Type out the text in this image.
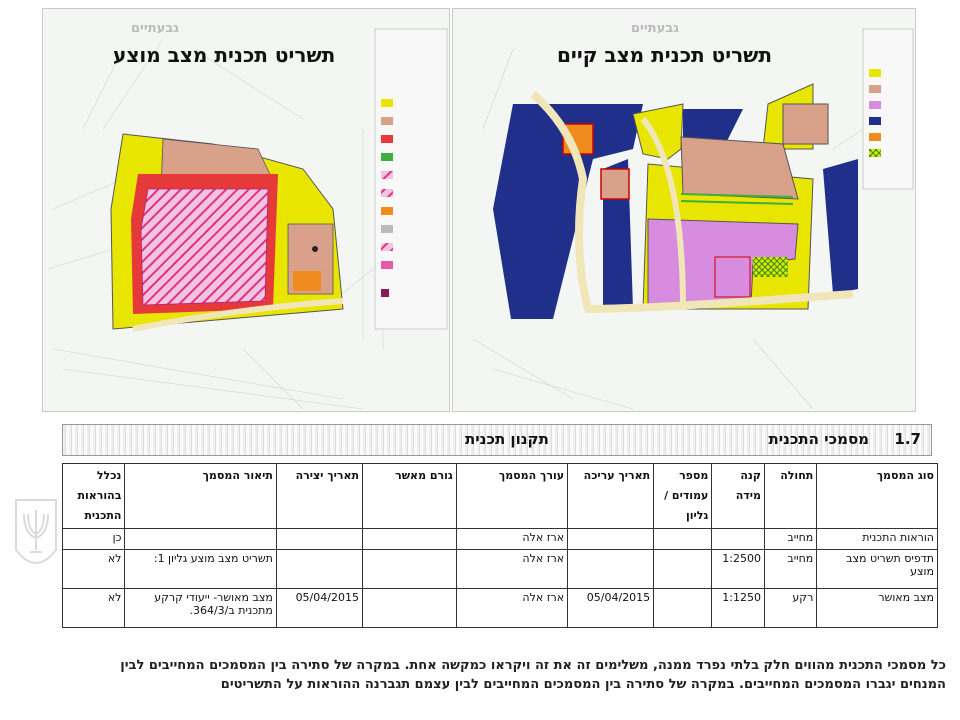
גבעתיים
תשריט תכנית מצב מוצע
גבעתיים
תשריט תכנית מצב קיים
1.7
מסמכי התכנית
תקנון תכנית
סוג המסמך	תחולה	קנה מידה	מספר עמודים / גליון	תאריך עריכה	עורך המסמך	גורם מאשר	תאריך יצירה	תיאור המסמך	נכלל בהוראות התכנית
הוראות התכנית	מחייב				ארז אלה				כן
תדפיס תשריט מצב מוצע	מחייב	1:2500			ארז אלה			תשריט מצב מוצע גליון 1:	לא
מצב מאושר	רקע	1:1250		05/04/2015	ארז אלה		05/04/2015	מצב מאושר- ייעודי קרקע מתכנית ב/364/3.	לא
כל מסמכי התכנית מהווים חלק בלתי נפרד ממנה, משלימים זה את זה ויקראו כמקשה אחת. במקרה של סתירה בין המסמכים המחייבים לבין
המנחים יגברו המסמכים המחייבים. במקרה של סתירה בין המסמכים המחייבים לבין עצמם תגברנה ההוראות על התשריטים
